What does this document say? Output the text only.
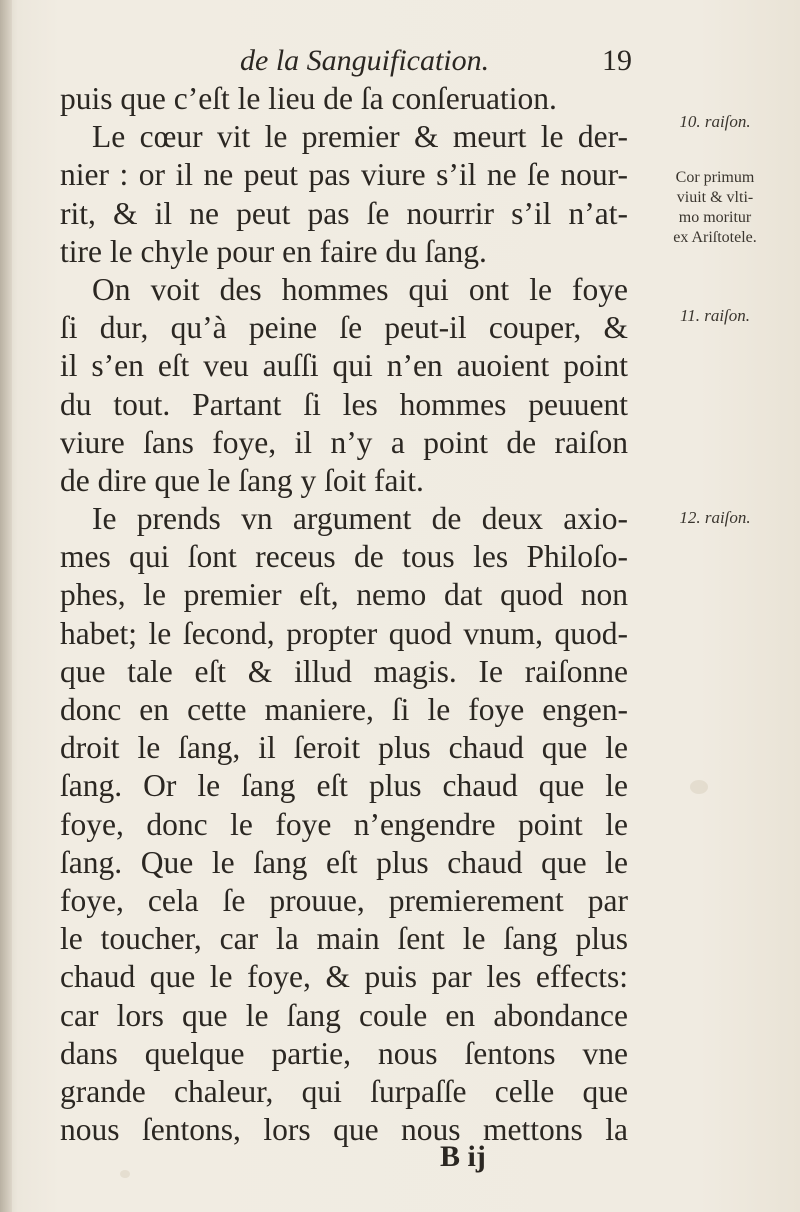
de la Sanguification.	19
puis que c’eſt le lieu de ſa conſeruation.
Le cœur vit le premier & meurt le der-
nier : or il ne peut pas viure s’il ne ſe nour-
rit, & il ne peut pas ſe nourrir s’il n’at-
tire le chyle pour en faire du ſang.
On voit des hommes qui ont le foye
ſi dur, qu’à peine ſe peut-il couper, &
il s’en eſt veu auſſi qui n’en auoient point
du tout. Partant ſi les hommes peuuent
viure ſans foye, il n’y a point de raiſon
de dire que le ſang y ſoit fait.
Ie prends vn argument de deux axio-
mes qui ſont receus de tous les Philoſo-
phes, le premier eſt, nemo dat quod non
habet; le ſecond, propter quod vnum, quod-
que tale eſt & illud magis. Ie raiſonne
donc en cette maniere, ſi le foye engen-
droit le ſang, il ſeroit plus chaud que le
ſang. Or le ſang eſt plus chaud que le
foye, donc le foye n’engendre point le
ſang. Que le ſang eſt plus chaud que le
foye, cela ſe prouue, premierement par
le toucher, car la main ſent le ſang plus
chaud que le foye, & puis par les effects:
car lors que le ſang coule en abondance
dans quelque partie, nous ſentons vne
grande chaleur, qui ſurpaſſe celle que
nous ſentons, lors que nous mettons la
10. raiſon.
Cor primum
viuit & vlti-
mo moritur
ex Ariſtotele.
11. raiſon.
12. raiſon.
B ij
